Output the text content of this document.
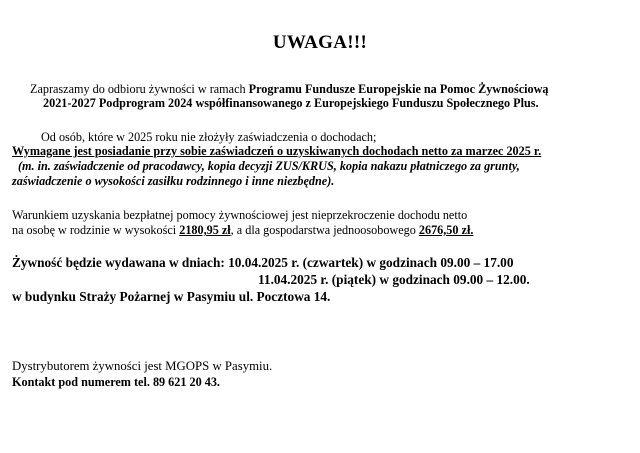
UWAGA!!!
Zapraszamy do odbioru żywności w ramach Programu Fundusze Europejskie na Pomoc Żywnościową
2021-2027 Podprogram 2024 współfinansowanego z Europejskiego Funduszu Społecznego Plus.
Od osób, które w 2025 roku nie złożyły zaświadczenia o dochodach;
Wymagane jest posiadanie przy sobie zaświadczeń o uzyskiwanych dochodach netto za marzec 2025 r.
(m. in. zaświadczenie od pracodawcy, kopia decyzji ZUS/KRUS, kopia nakazu płatniczego za grunty,
zaświadczenie o wysokości zasiłku rodzinnego i inne niezbędne).
Warunkiem uzyskania bezpłatnej pomocy żywnościowej jest nieprzekroczenie dochodu netto
na osobę w rodzinie w wysokości 2180,95 zł, a dla gospodarstwa jednoosobowego 2676,50 zł.
Żywność będzie wydawana w dniach: 10.04.2025 r. (czwartek) w godzinach 09.00 – 17.00
11.04.2025 r. (piątek) w godzinach 09.00 – 12.00.
w budynku Straży Pożarnej w Pasymiu ul. Pocztowa 14.
Dystrybutorem żywności jest MGOPS w Pasymiu.
Kontakt pod numerem tel. 89 621 20 43.
